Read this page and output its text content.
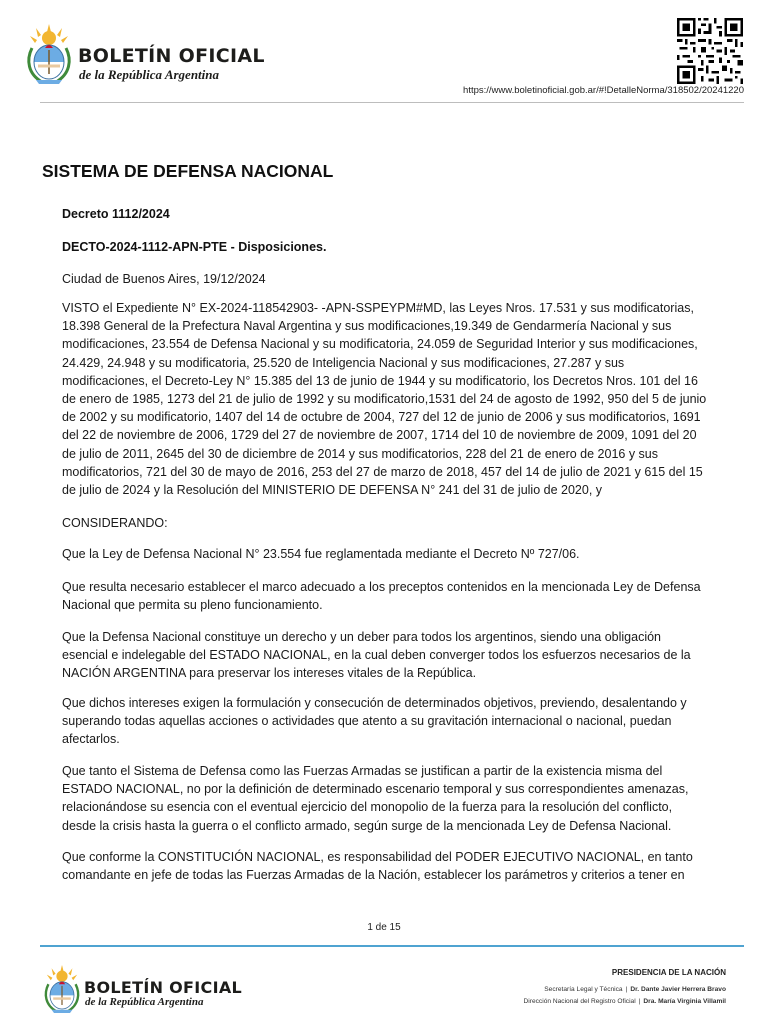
BOLETÍN OFICIAL
de la República Argentina
https://www.boletinoficial.gob.ar/#!DetalleNorma/318502/20241220
SISTEMA DE DEFENSA NACIONAL
Decreto 1112/2024
DECTO-2024-1112-APN-PTE - Disposiciones.
Ciudad de Buenos Aires, 19/12/2024
VISTO el Expediente N° EX-2024-118542903- -APN-SSPEYPM#MD, las Leyes Nros. 17.531 y sus modificatorias,
18.398 General de la Prefectura Naval Argentina y sus modificaciones,19.349 de Gendarmería Nacional y sus
modificaciones, 23.554 de Defensa Nacional y su modificatoria, 24.059 de Seguridad Interior y sus modificaciones,
24.429, 24.948 y su modificatoria, 25.520 de Inteligencia Nacional y sus modificaciones, 27.287 y sus
modificaciones, el Decreto-Ley N° 15.385 del 13 de junio de 1944 y su modificatorio, los Decretos Nros. 101 del 16
de enero de 1985, 1273 del 21 de julio de 1992 y su modificatorio,1531 del 24 de agosto de 1992, 950 del 5 de junio
de 2002 y su modificatorio, 1407 del 14 de octubre de 2004, 727 del 12 de junio de 2006 y sus modificatorios, 1691
del 22 de noviembre de 2006, 1729 del 27 de noviembre de 2007, 1714 del 10 de noviembre de 2009, 1091 del 20
de julio de 2011, 2645 del 30 de diciembre de 2014 y sus modificatorios, 228 del 21 de enero de 2016 y sus
modificatorios, 721 del 30 de mayo de 2016, 253 del 27 de marzo de 2018, 457 del 14 de julio de 2021 y 615 del 15
de julio de 2024 y la Resolución del MINISTERIO DE DEFENSA N° 241 del 31 de julio de 2020, y
CONSIDERANDO:
Que la Ley de Defensa Nacional N° 23.554 fue reglamentada mediante el Decreto Nº 727/06.
Que resulta necesario establecer el marco adecuado a los preceptos contenidos en la mencionada Ley de Defensa
Nacional que permita su pleno funcionamiento.
Que la Defensa Nacional constituye un derecho y un deber para todos los argentinos, siendo una obligación
esencial e indelegable del ESTADO NACIONAL, en la cual deben converger todos los esfuerzos necesarios de la
NACIÓN ARGENTINA para preservar los intereses vitales de la República.
Que dichos intereses exigen la formulación y consecución de determinados objetivos, previendo, desalentando y
superando todas aquellas acciones o actividades que atento a su gravitación internacional o nacional, puedan
afectarlos.
Que tanto el Sistema de Defensa como las Fuerzas Armadas se justifican a partir de la existencia misma del
ESTADO NACIONAL, no por la definición de determinado escenario temporal y sus correspondientes amenazas,
relacionándose su esencia con el eventual ejercicio del monopolio de la fuerza para la resolución del conflicto,
desde la crisis hasta la guerra o el conflicto armado, según surge de la mencionada Ley de Defensa Nacional.
Que conforme la CONSTITUCIÓN NACIONAL, es responsabilidad del PODER EJECUTIVO NACIONAL, en tanto
comandante en jefe de todas las Fuerzas Armadas de la Nación, establecer los parámetros y criterios a tener en
1 de 15
BOLETÍN OFICIAL
de la República Argentina
PRESIDENCIA DE LA NACIÓN
Secretaría Legal y Técnica | Dr. Dante Javier Herrera Bravo
Dirección Nacional del Registro Oficial | Dra. María Virginia Villamil
